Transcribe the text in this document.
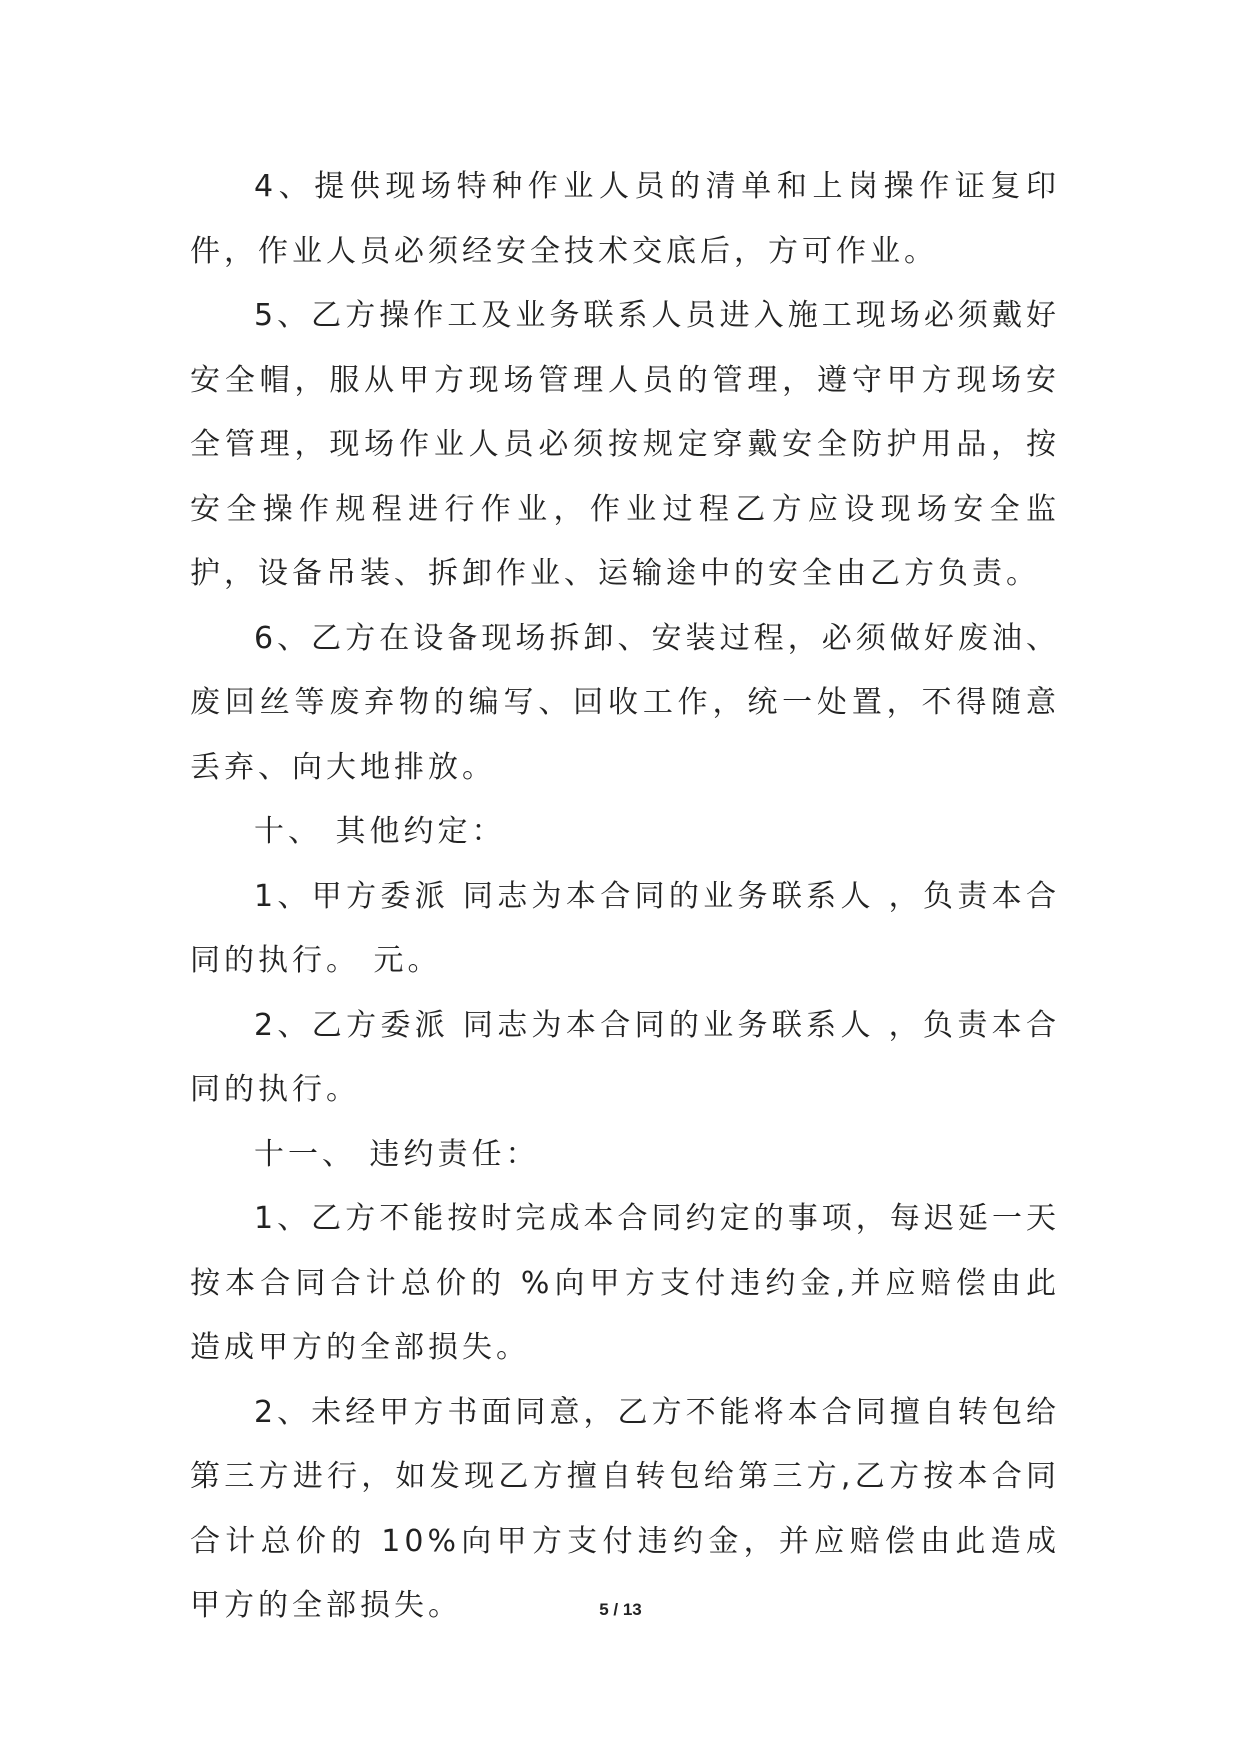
4、提供现场特种作业人员的清单和上岗操作证复印件，作业人员必须经安全技术交底后，方可作业。

5、乙方操作工及业务联系人员进入施工现场必须戴好安全帽，服从甲方现场管理人员的管理，遵守甲方现场安全管理，现场作业人员必须按规定穿戴安全防护用品，按安全操作规程进行作业，作业过程乙方应设现场安全监护，设备吊装、拆卸作业、运输途中的安全由乙方负责。

6、乙方在设备现场拆卸、安装过程，必须做好废油、废回丝等废弃物的编写、回收工作，统一处置，不得随意丢弃、向大地排放。

十、 其他约定：

1、甲方委派 同志为本合同的业务联系人 ，负责本合同的执行。 元。

2、乙方委派 同志为本合同的业务联系人 ，负责本合同的执行。

十一、 违约责任：

1、乙方不能按时完成本合同约定的事项，每迟延一天按本合同合计总价的 %向甲方支付违约金,并应赔偿由此造成甲方的全部损失。

2、未经甲方书面同意，乙方不能将本合同擅自转包给第三方进行，如发现乙方擅自转包给第三方,乙方按本合同合计总价的 10%向甲方支付违约金，并应赔偿由此造成甲方的全部损失。	5 / 13
